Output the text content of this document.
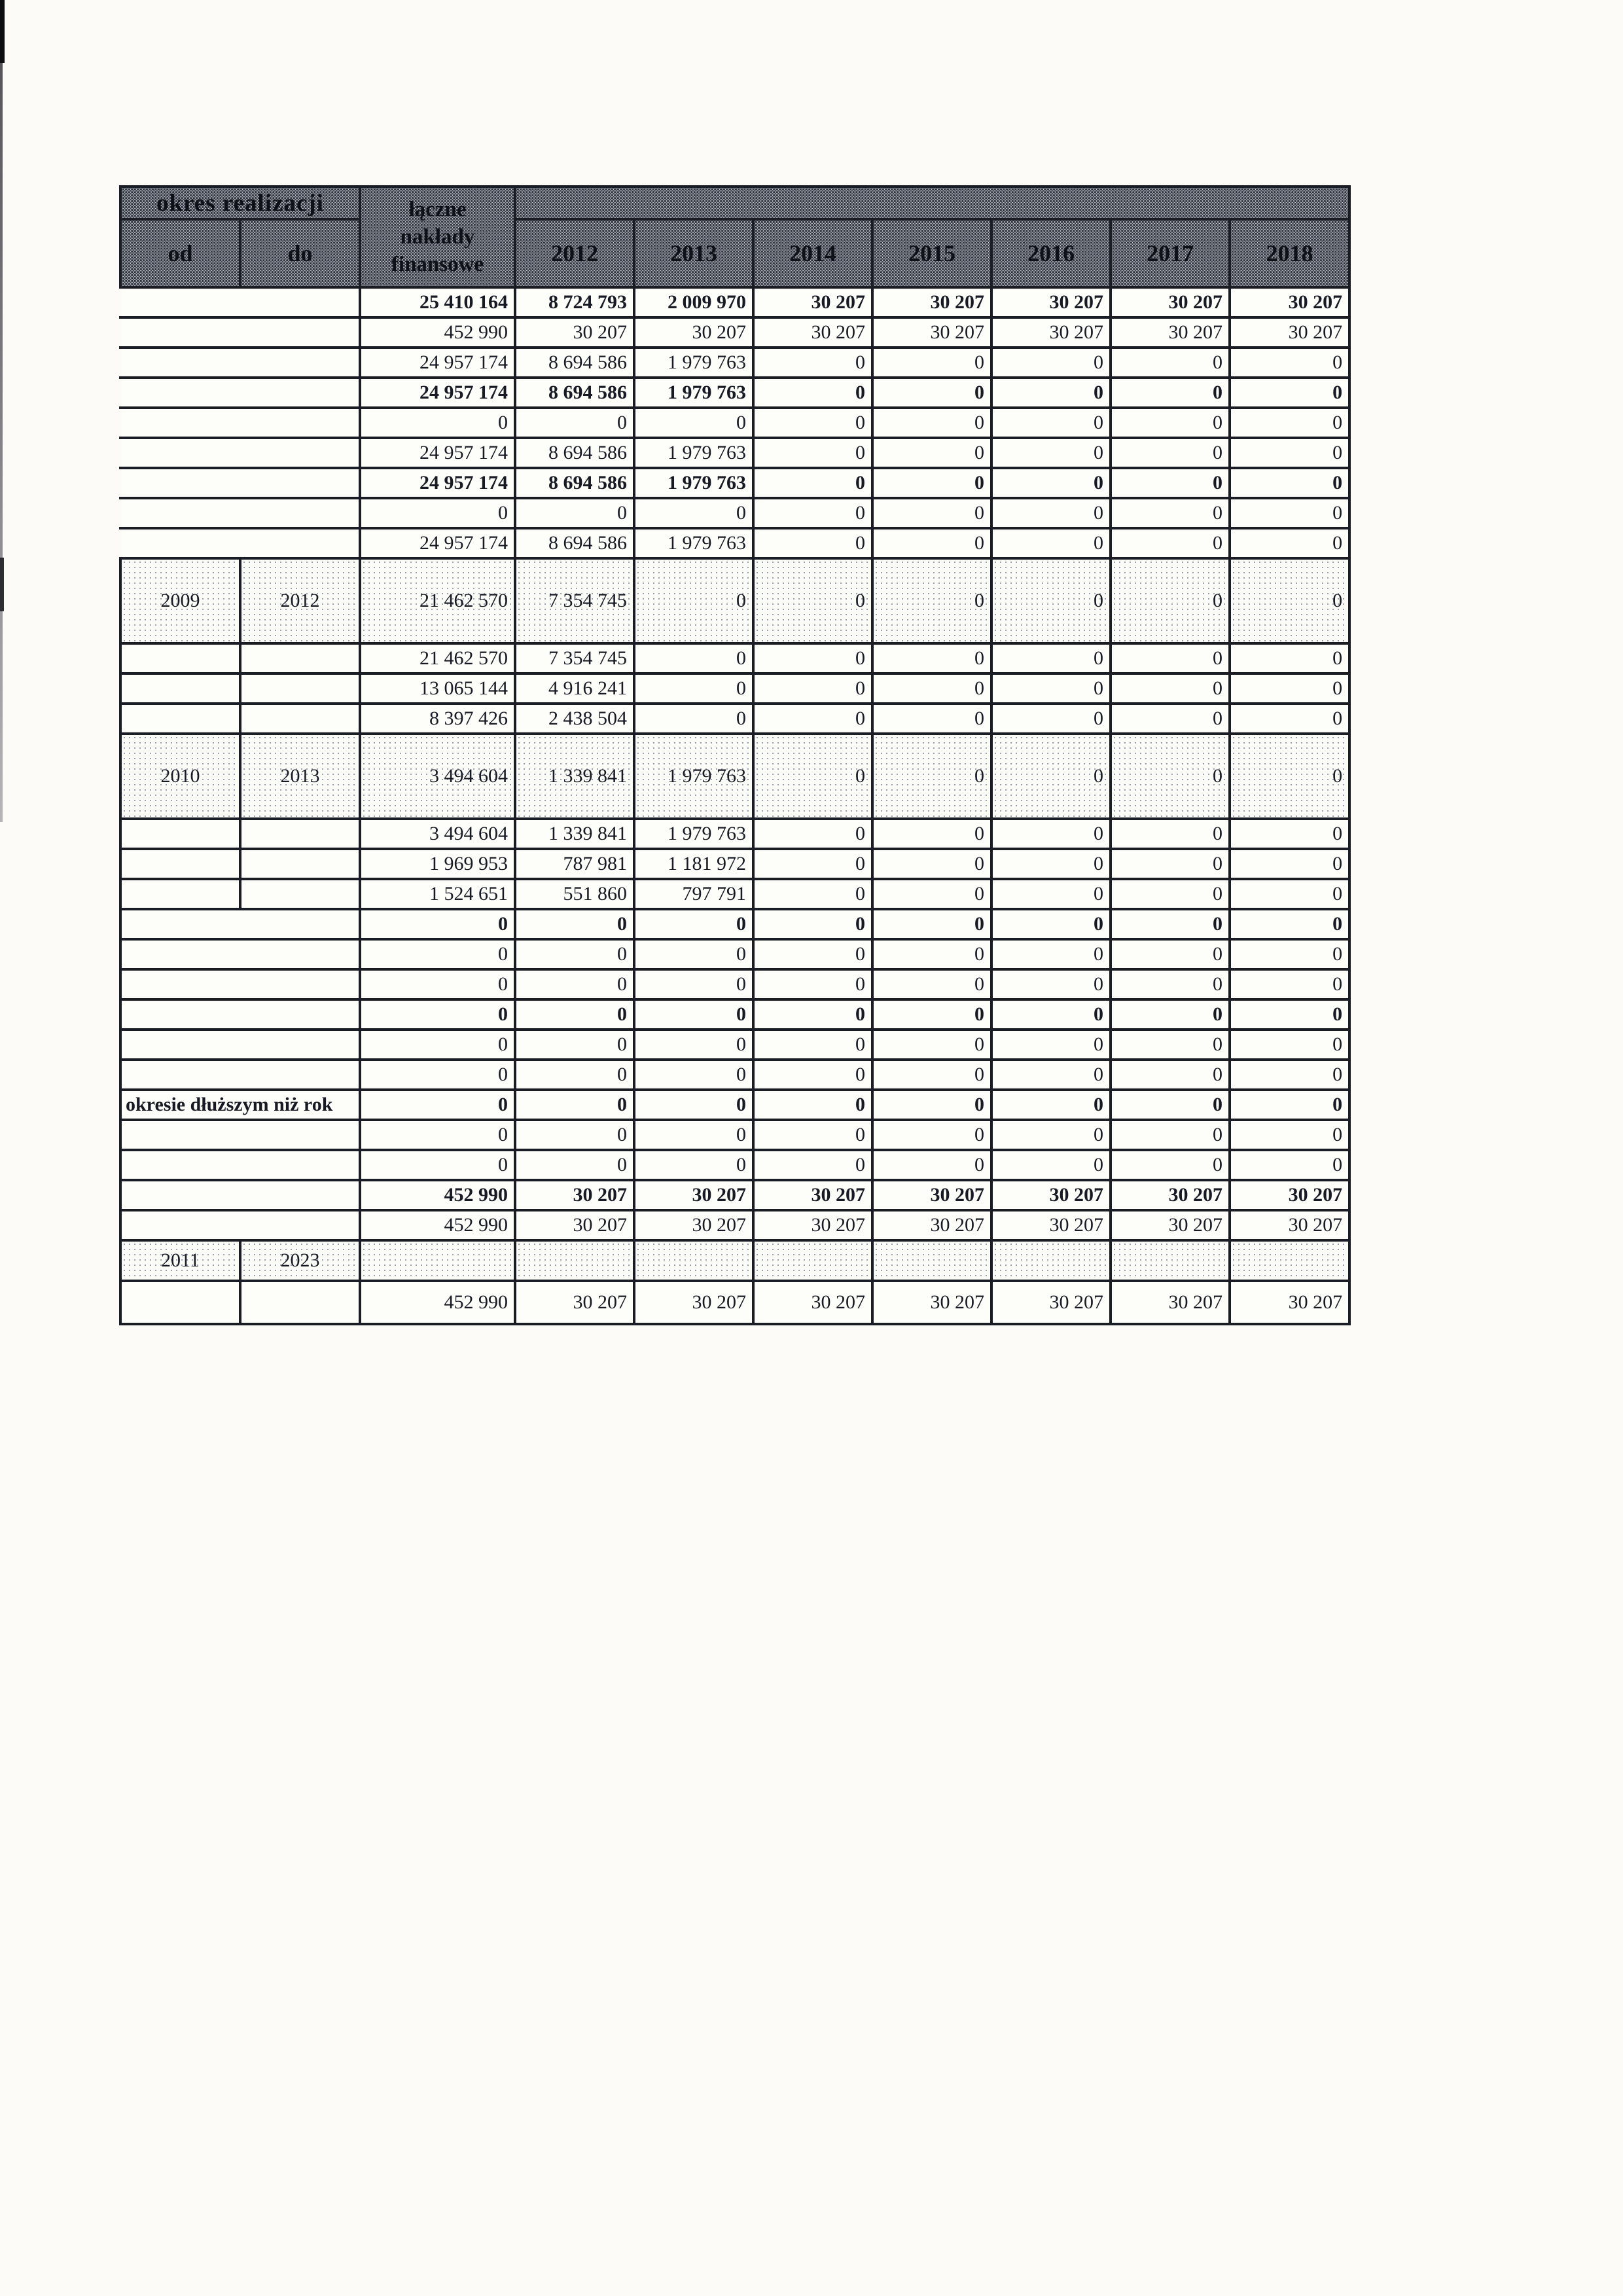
okres realizacji		łączne nakłady finansowe							
od	do		2012	2013	2014	2015	2016	2017	2018
		25 410 164	8 724 793	2 009 970	30 207	30 207	30 207	30 207	30 207
		452 990	30 207	30 207	30 207	30 207	30 207	30 207	30 207
		24 957 174	8 694 586	1 979 763	0	0	0	0	0
		24 957 174	8 694 586	1 979 763	0	0	0	0	0
		0	0	0	0	0	0	0	0
		24 957 174	8 694 586	1 979 763	0	0	0	0	0
		24 957 174	8 694 586	1 979 763	0	0	0	0	0
		0	0	0	0	0	0	0	0
		24 957 174	8 694 586	1 979 763	0	0	0	0	0
2009	2012	21 462 570	7 354 745	0	0	0	0	0	0
		21 462 570	7 354 745	0	0	0	0	0	0
		13 065 144	4 916 241	0	0	0	0	0	0
		8 397 426	2 438 504	0	0	0	0	0	0
2010	2013	3 494 604	1 339 841	1 979 763	0	0	0	0	0
		3 494 604	1 339 841	1 979 763	0	0	0	0	0
		1 969 953	787 981	1 181 972	0	0	0	0	0
		1 524 651	551 860	797 791	0	0	0	0	0
		0	0	0	0	0	0	0	0
		0	0	0	0	0	0	0	0
		0	0	0	0	0	0	0	0
		0	0	0	0	0	0	0	0
		0	0	0	0	0	0	0	0
		0	0	0	0	0	0	0	0
okresie dłuższym niż rok		0	0	0	0	0	0	0	0
		0	0	0	0	0	0	0	0
		0	0	0	0	0	0	0	0
		452 990	30 207	30 207	30 207	30 207	30 207	30 207	30 207
		452 990	30 207	30 207	30 207	30 207	30 207	30 207	30 207
2011	2023								
		452 990	30 207	30 207	30 207	30 207	30 207	30 207	30 207
